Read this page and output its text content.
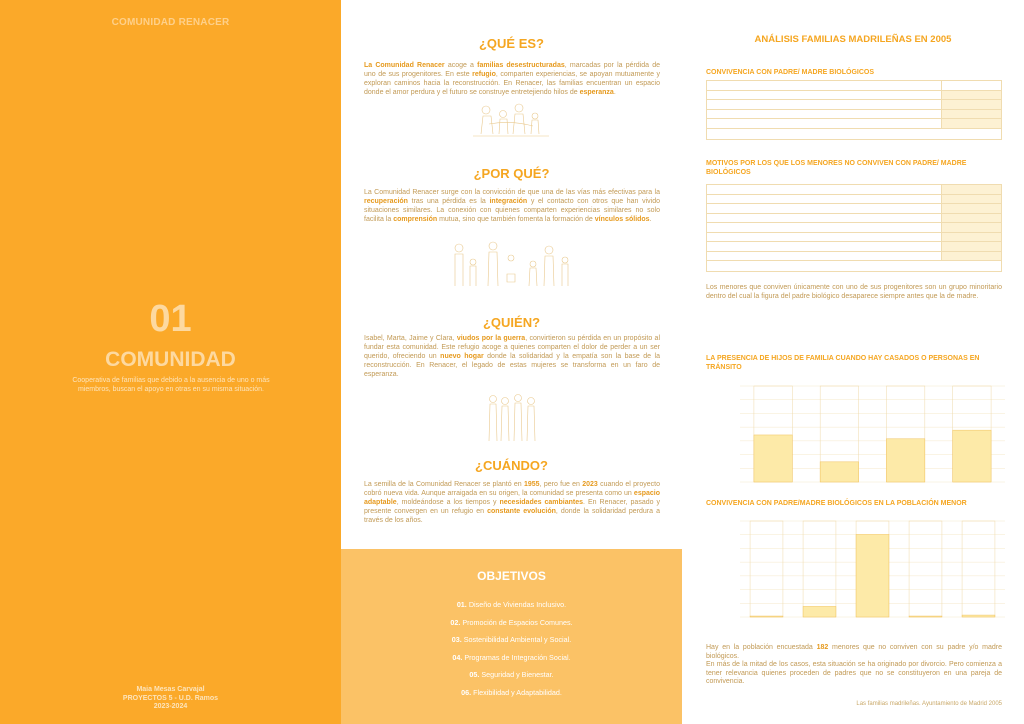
COMUNIDAD RENACER
01
COMUNIDAD
Cooperativa de familias que debido a la ausencia de uno o más miembros, buscan el apoyo en otras en su misma situación.
Maia Mesas Carvajal
PROYECTOS 5 - U.D. Ramos
2023-2024
¿QUÉ ES?
La Comunidad Renacer acoge a familias desestructuradas, marcadas por la pérdida de uno de sus progenitores. En este refugio, comparten experiencias, se apoyan mutuamente y exploran caminos hacia la reconstrucción. En Renacer, las familias encuentran un espacio donde el amor perdura y el futuro se construye entretejiendo hilos de esperanza.
¿POR QUÉ?
La Comunidad Renacer surge con la convicción de que una de las vías más efectivas para la recuperación tras una pérdida es la integración y el contacto con otros que han vivido situaciones similares. La conexión con quienes comparten experiencias similares no solo facilita la comprensión mutua, sino que también fomenta la formación de vínculos sólidos.
¿QUIÉN?
Isabel, Marta, Jaime y Clara, viudos por la guerra, convirtieron su pérdida en un propósito al fundar esta comunidad. Este refugio acoge a quienes comparten el dolor de perder a un ser querido, ofreciendo un nuevo hogar donde la solidaridad y la empatía son la base de la reconstrucción. En Renacer, el legado de estas mujeres se transforma en un faro de esperanza.
¿CUÁNDO?
La semilla de la Comunidad Renacer se plantó en 1955, pero fue en 2023 cuando el proyecto cobró nueva vida. Aunque arraigada en su origen, la comunidad se presenta como un espacio adaptable, moldeándose a los tiempos y necesidades cambiantes. En Renacer, pasado y presente convergen en un refugio en constante evolución, donde la solidaridad perdura a través de los años.
OBJETIVOS
01. Diseño de Viviendas Inclusivo.
02. Promoción de Espacios Comunes.
03. Sostenibilidad Ambiental y Social.
04. Programas de Integración Social.
05. Seguridad y Bienestar.
06. Flexibilidad y Adaptabilidad.
ANÁLISIS FAMILIAS MADRILEÑAS EN 2005
CONVIVENCIA CON PADRE/ MADRE BIOLÓGICOS
MOTIVOS POR LOS QUE LOS MENORES NO CONVIVEN CON PADRE/ MADRE BIOLÓGICOS
Los menores que conviven únicamente con uno de sus progenitores son un grupo minoritario dentro del cual la figura del padre biológico desaparece siempre antes que la de madre.
LA PRESENCIA DE HIJOS DE FAMILIA CUANDO HAY CASADOS O PERSONAS EN TRÁNSITO
CONVIVENCIA CON PADRE/MADRE BIOLÓGICOS EN LA POBLACIÓN MENOR
Hay en la población encuestada 182 menores que no conviven con su padre y/o madre biológicos.
En más de la mitad de los casos, esta situación se ha originado por divorcio. Pero comienza a tener relevancia quienes proceden de padres que no se constituyeron en una pareja de convivencia.
Las familias madrileñas. Ayuntamiento de Madrid 2005
